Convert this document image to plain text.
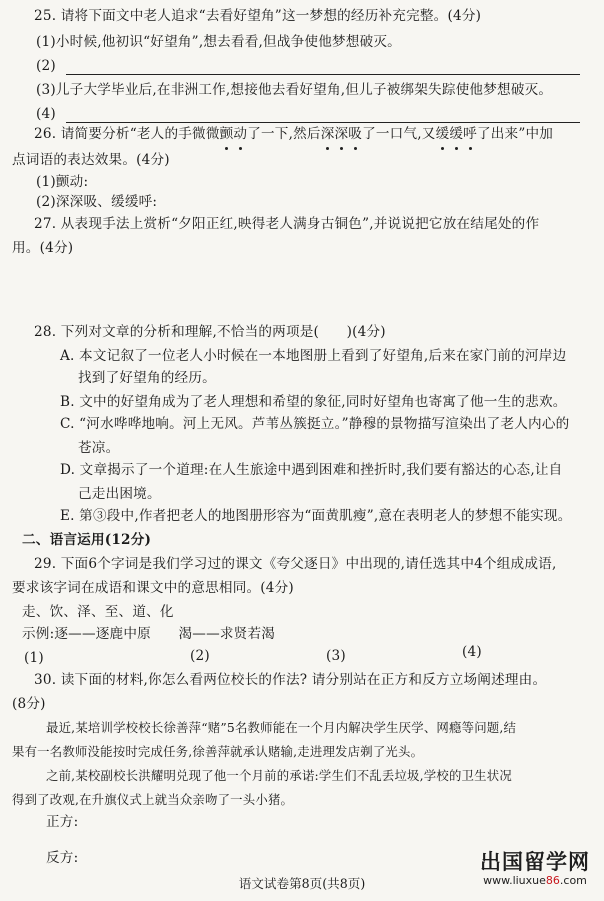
25. 请将下面文中老人追求“去看好望角”这一梦想的经历补充完整。(4分)
(1)小时候,他初识“好望角”,想去看看,但战争使他梦想破灭。
(2)
(3)儿子大学毕业后,在非洲工作,想接他去看好望角,但儿子被绑架失踪使他梦想破灭。
(4)
26. 请简要分析“老人的手微微颤动了一下,然后深深吸了一口气,又缓缓呼了出来”中加
点词语的表达效果。(4分)
(1)颤动:
(2)深深吸、缓缓呼:
27. 从表现手法上赏析“夕阳正红,映得老人满身古铜色”,并说说把它放在结尾处的作
用。(4分)
28. 下列对文章的分析和理解,不恰当的两项是(　　)(4分)
A. 本文记叙了一位老人小时候在一本地图册上看到了好望角,后来在家门前的河岸边
找到了好望角的经历。
B. 文中的好望角成为了老人理想和希望的象征,同时好望角也寄寓了他一生的悲欢。
C. “河水哗哗地响。河上无风。芦苇丛簇挺立。”静穆的景物描写渲染出了老人内心的
苍凉。
D. 文章揭示了一个道理:在人生旅途中遇到困难和挫折时,我们要有豁达的心态,让自
己走出困境。
E. 第③段中,作者把老人的地图册形容为“面黄肌瘦”,意在表明老人的梦想不能实现。
二、语言运用(12分)
29. 下面6个字词是我们学习过的课文《夸父逐日》中出现的,请任选其中4个组成成语,
要求该字词在成语和课文中的意思相同。(4分)
走、饮、泽、至、道、化
示例:逐——逐鹿中原　　渴——求贤若渴
(1)	(2)	(3)	(4)
30. 读下面的材料,你怎么看两位校长的作法? 请分别站在正方和反方立场阐述理由。
(8分)
最近,某培训学校校长徐善萍“赌”5名教师能在一个月内解决学生厌学、网瘾等问题,结
果有一名教师没能按时完成任务,徐善萍就承认赌输,走进理发店剃了光头。
之前,某校副校长洪耀明兑现了他一个月前的承诺:学生们不乱丢垃圾,学校的卫生状况
得到了改观,在升旗仪式上就当众亲吻了一头小猪。
正方:
反方:
语文试卷第8页(共8页)
出国留学网
www.liuxue86.com
